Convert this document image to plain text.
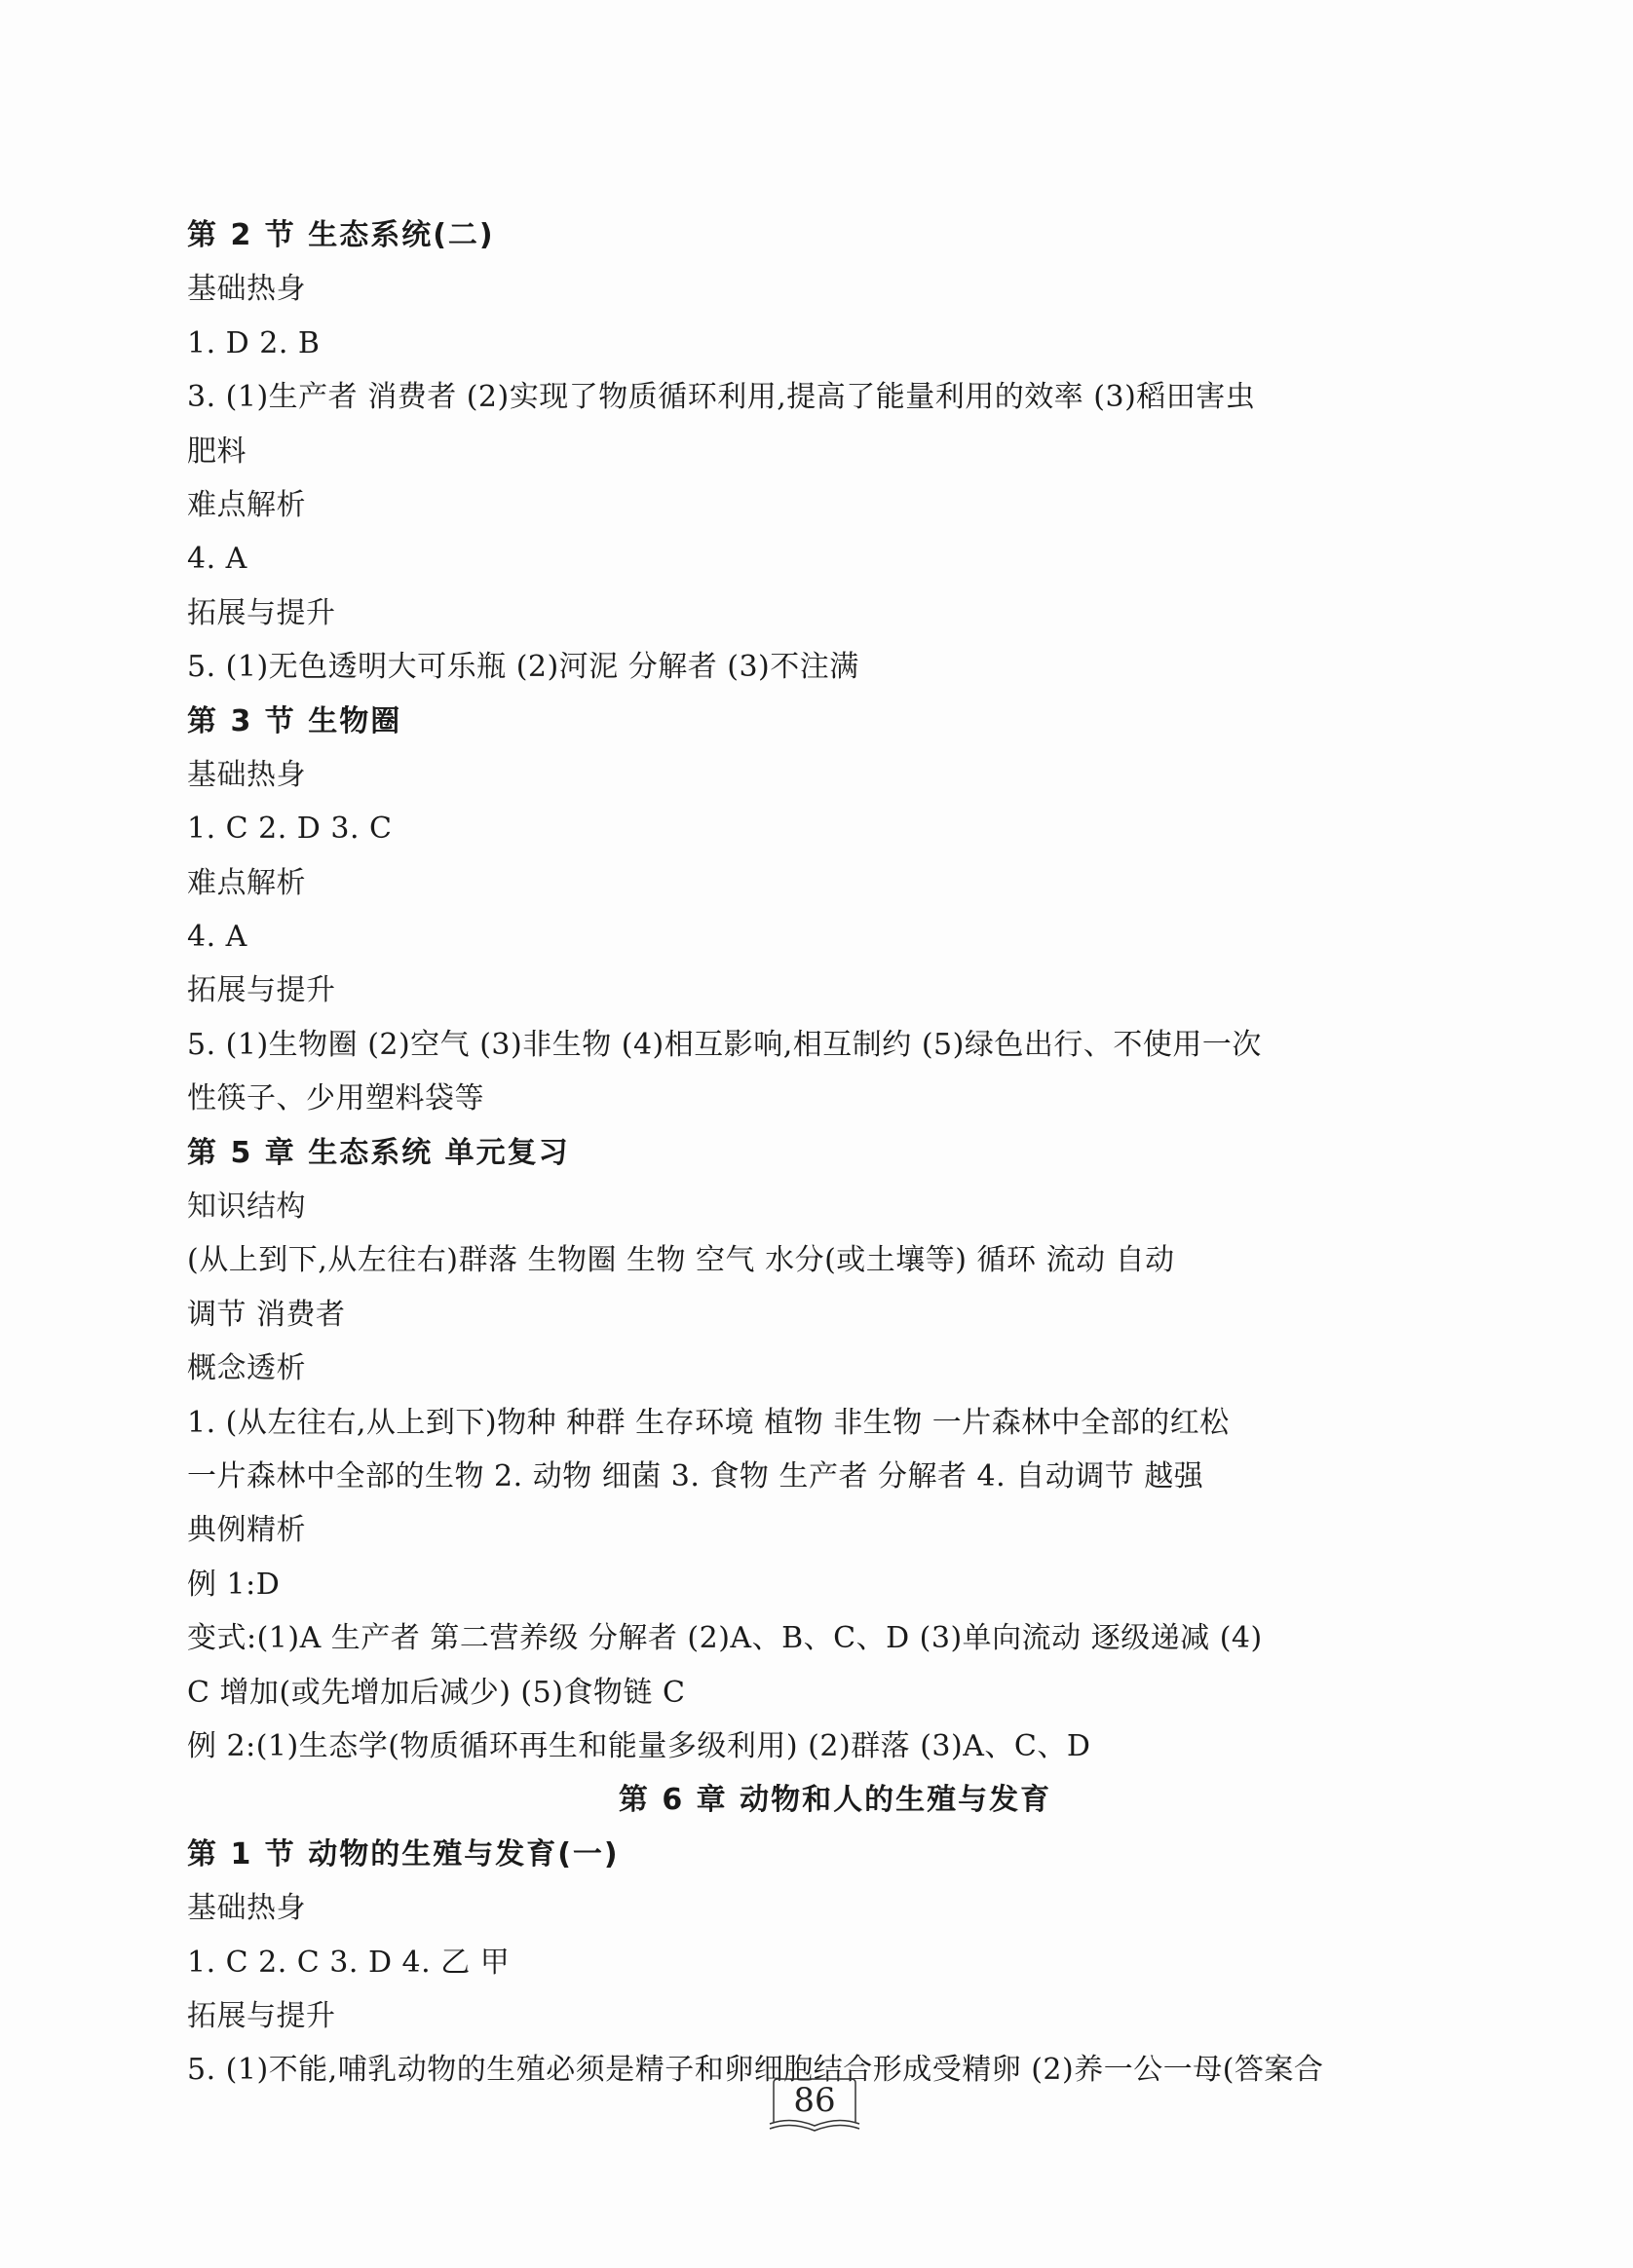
第 2 节 生态系统(二)
基础热身
1. D 2. B
3. (1)生产者 消费者 (2)实现了物质循环利用,提高了能量利用的效率 (3)稻田害虫
肥料
难点解析
4. A
拓展与提升
5. (1)无色透明大可乐瓶 (2)河泥 分解者 (3)不注满
第 3 节 生物圈
基础热身
1. C 2. D 3. C
难点解析
4. A
拓展与提升
5. (1)生物圈 (2)空气 (3)非生物 (4)相互影响,相互制约 (5)绿色出行、不使用一次
性筷子、少用塑料袋等
第 5 章 生态系统 单元复习
知识结构
(从上到下,从左往右)群落 生物圈 生物 空气 水分(或土壤等) 循环 流动 自动
调节 消费者
概念透析
1. (从左往右,从上到下)物种 种群 生存环境 植物 非生物 一片森林中全部的红松
一片森林中全部的生物 2. 动物 细菌 3. 食物 生产者 分解者 4. 自动调节 越强
典例精析
例 1:D
变式:(1)A 生产者 第二营养级 分解者 (2)A、B、C、D (3)单向流动 逐级递减 (4)
C 增加(或先增加后减少) (5)食物链 C
例 2:(1)生态学(物质循环再生和能量多级利用) (2)群落 (3)A、C、D
第 6 章 动物和人的生殖与发育
第 1 节 动物的生殖与发育(一)
基础热身
1. C 2. C 3. D 4. 乙 甲
拓展与提升
5. (1)不能,哺乳动物的生殖必须是精子和卵细胞结合形成受精卵 (2)养一公一母(答案合
86
